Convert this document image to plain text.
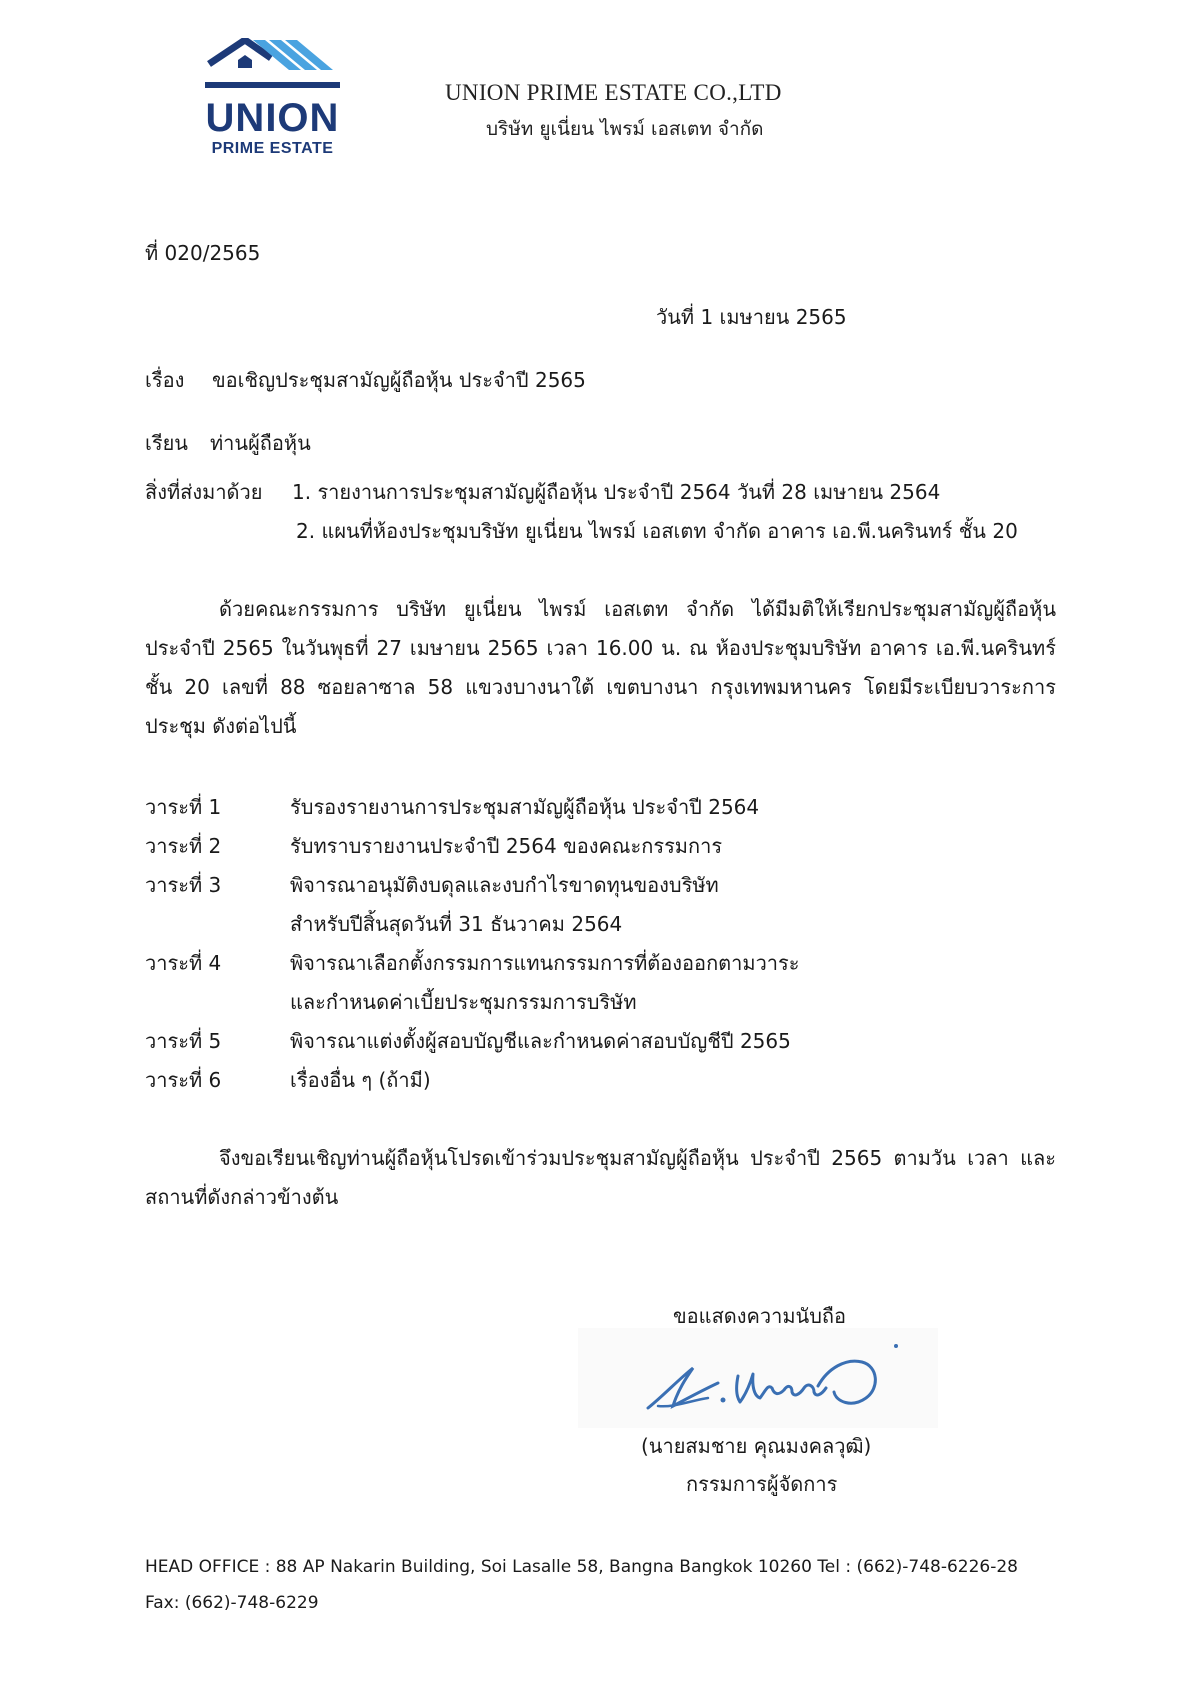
UNION
PRIME ESTATE
UNION PRIME ESTATE CO.,LTD
บริษัท ยูเนี่ยน ไพรม์ เอสเตท จำกัด
ที่ 020/2565
วันที่ 1 เมษายน 2565
เรื่อง ขอเชิญประชุมสามัญผู้ถือหุ้น ประจำปี 2565
เรียน ท่านผู้ถือหุ้น
สิ่งที่ส่งมาด้วย 1. รายงานการประชุมสามัญผู้ถือหุ้น ประจำปี 2564 วันที่ 28 เมษายน 2564
2. แผนที่ห้องประชุมบริษัท ยูเนี่ยน ไพรม์ เอสเตท จำกัด อาคาร เอ.พี.นครินทร์ ชั้น 20
ด้วยคณะกรรมการ บริษัท ยูเนี่ยน ไพรม์ เอสเตท จำกัด ได้มีมติให้เรียกประชุมสามัญผู้ถือหุ้น
ประจำปี 2565 ในวันพุธที่ 27 เมษายน 2565 เวลา 16.00 น. ณ ห้องประชุมบริษัท อาคาร เอ.พี.นครินทร์
ชั้น 20 เลขที่ 88 ซอยลาซาล 58 แขวงบางนาใต้ เขตบางนา กรุงเทพมหานคร โดยมีระเบียบวาระการ
ประชุม ดังต่อไปนี้
วาระที่ 1	รับรองรายงานการประชุมสามัญผู้ถือหุ้น ประจำปี 2564
วาระที่ 2	รับทราบรายงานประจำปี 2564 ของคณะกรรมการ
วาระที่ 3	พิจารณาอนุมัติงบดุลและงบกำไรขาดทุนของบริษัท
สำหรับปีสิ้นสุดวันที่ 31 ธันวาคม 2564
วาระที่ 4	พิจารณาเลือกตั้งกรรมการแทนกรรมการที่ต้องออกตามวาระ
และกำหนดค่าเบี้ยประชุมกรรมการบริษัท
วาระที่ 5	พิจารณาแต่งตั้งผู้สอบบัญชีและกำหนดค่าสอบบัญชีปี 2565
วาระที่ 6	เรื่องอื่น ๆ (ถ้ามี)
จึงขอเรียนเชิญท่านผู้ถือหุ้นโปรดเข้าร่วมประชุมสามัญผู้ถือหุ้น ประจำปี 2565 ตามวัน เวลา และ
สถานที่ดังกล่าวข้างต้น
ขอแสดงความนับถือ
(นายสมชาย คุณมงคลวุฒิ)
กรรมการผู้จัดการ
HEAD OFFICE : 88 AP Nakarin Building, Soi Lasalle 58, Bangna Bangkok 10260 Tel : (662)-748-6226-28
Fax: (662)-748-6229
